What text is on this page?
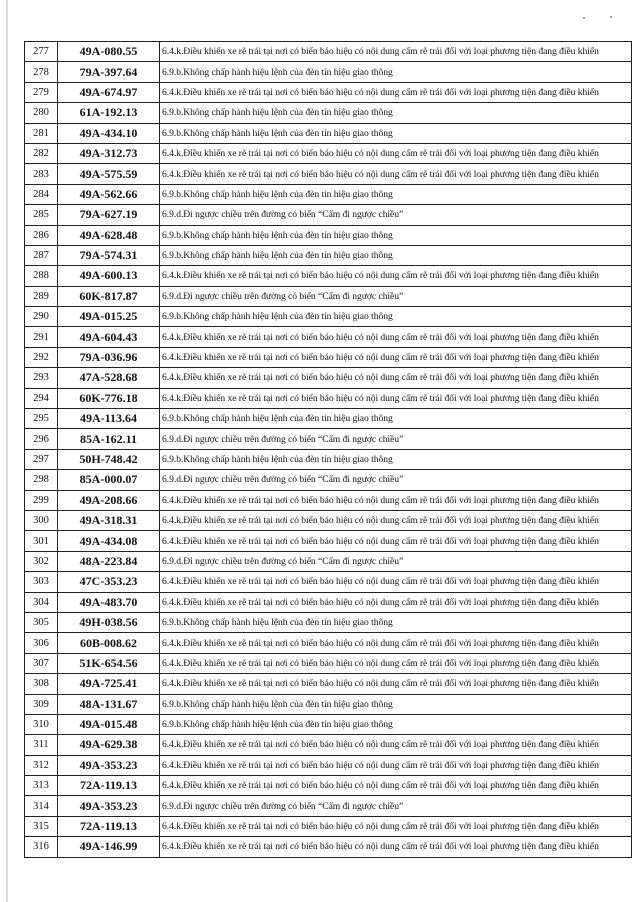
277	49A-080.55	6.4.k.Điều khiển xe rẽ trái tại nơi có biển báo hiệu có nội dung cấm rẽ trái đối với loại phương tiện đang điều khiển
278	79A-397.64	6.9.b.Không chấp hành hiệu lệnh của đèn tín hiệu giao thông
279	49A-674.97	6.4.k.Điều khiển xe rẽ trái tại nơi có biển báo hiệu có nội dung cấm rẽ trái đối với loại phương tiện đang điều khiển
280	61A-192.13	6.9.b.Không chấp hành hiệu lệnh của đèn tín hiệu giao thông
281	49A-434.10	6.9.b.Không chấp hành hiệu lệnh của đèn tín hiệu giao thông
282	49A-312.73	6.4.k.Điều khiển xe rẽ trái tại nơi có biển báo hiệu có nội dung cấm rẽ trái đối với loại phương tiện đang điều khiển
283	49A-575.59	6.4.k.Điều khiển xe rẽ trái tại nơi có biển báo hiệu có nội dung cấm rẽ trái đối với loại phương tiện đang điều khiển
284	49A-562.66	6.9.b.Không chấp hành hiệu lệnh của đèn tín hiệu giao thông
285	79A-627.19	6.9.d.Đi ngược chiều trên đường có biển “Cấm đi ngược chiều”
286	49A-628.48	6.9.b.Không chấp hành hiệu lệnh của đèn tín hiệu giao thông
287	79A-574.31	6.9.b.Không chấp hành hiệu lệnh của đèn tín hiệu giao thông
288	49A-600.13	6.4.k.Điều khiển xe rẽ trái tại nơi có biển báo hiệu có nội dung cấm rẽ trái đối với loại phương tiện đang điều khiển
289	60K-817.87	6.9.d.Đi ngược chiều trên đường có biển “Cấm đi ngược chiều”
290	49A-015.25	6.9.b.Không chấp hành hiệu lệnh của đèn tín hiệu giao thông
291	49A-604.43	6.4.k.Điều khiển xe rẽ trái tại nơi có biển báo hiệu có nội dung cấm rẽ trái đối với loại phương tiện đang điều khiển
292	79A-036.96	6.4.k.Điều khiển xe rẽ trái tại nơi có biển báo hiệu có nội dung cấm rẽ trái đối với loại phương tiện đang điều khiển
293	47A-528.68	6.4.k.Điều khiển xe rẽ trái tại nơi có biển báo hiệu có nội dung cấm rẽ trái đối với loại phương tiện đang điều khiển
294	60K-776.18	6.4.k.Điều khiển xe rẽ trái tại nơi có biển báo hiệu có nội dung cấm rẽ trái đối với loại phương tiện đang điều khiển
295	49A-113.64	6.9.b.Không chấp hành hiệu lệnh của đèn tín hiệu giao thông
296	85A-162.11	6.9.d.Đi ngược chiều trên đường có biển “Cấm đi ngược chiều”
297	50H-748.42	6.9.b.Không chấp hành hiệu lệnh của đèn tín hiệu giao thông
298	85A-000.07	6.9.d.Đi ngược chiều trên đường có biển “Cấm đi ngược chiều”
299	49A-208.66	6.4.k.Điều khiển xe rẽ trái tại nơi có biển báo hiệu có nội dung cấm rẽ trái đối với loại phương tiện đang điều khiển
300	49A-318.31	6.4.k.Điều khiển xe rẽ trái tại nơi có biển báo hiệu có nội dung cấm rẽ trái đối với loại phương tiện đang điều khiển
301	49A-434.08	6.4.k.Điều khiển xe rẽ trái tại nơi có biển báo hiệu có nội dung cấm rẽ trái đối với loại phương tiện đang điều khiển
302	48A-223.84	6.9.d.Đi ngược chiều trên đường có biển “Cấm đi ngược chiều”
303	47C-353.23	6.4.k.Điều khiển xe rẽ trái tại nơi có biển báo hiệu có nội dung cấm rẽ trái đối với loại phương tiện đang điều khiển
304	49A-483.70	6.4.k.Điều khiển xe rẽ trái tại nơi có biển báo hiệu có nội dung cấm rẽ trái đối với loại phương tiện đang điều khiển
305	49H-038.56	6.9.b.Không chấp hành hiệu lệnh của đèn tín hiệu giao thông
306	60B-008.62	6.4.k.Điều khiển xe rẽ trái tại nơi có biển báo hiệu có nội dung cấm rẽ trái đối với loại phương tiện đang điều khiển
307	51K-654.56	6.4.k.Điều khiển xe rẽ trái tại nơi có biển báo hiệu có nội dung cấm rẽ trái đối với loại phương tiện đang điều khiển
308	49A-725.41	6.4.k.Điều khiển xe rẽ trái tại nơi có biển báo hiệu có nội dung cấm rẽ trái đối với loại phương tiện đang điều khiển
309	48A-131.67	6.9.b.Không chấp hành hiệu lệnh của đèn tín hiệu giao thông
310	49A-015.48	6.9.b.Không chấp hành hiệu lệnh của đèn tín hiệu giao thông
311	49A-629.38	6.4.k.Điều khiển xe rẽ trái tại nơi có biển báo hiệu có nội dung cấm rẽ trái đối với loại phương tiện đang điều khiển
312	49A-353.23	6.4.k.Điều khiển xe rẽ trái tại nơi có biển báo hiệu có nội dung cấm rẽ trái đối với loại phương tiện đang điều khiển
313	72A-119.13	6.4.k.Điều khiển xe rẽ trái tại nơi có biển báo hiệu có nội dung cấm rẽ trái đối với loại phương tiện đang điều khiển
314	49A-353.23	6.9.d.Đi ngược chiều trên đường có biển “Cấm đi ngược chiều”
315	72A-119.13	6.4.k.Điều khiển xe rẽ trái tại nơi có biển báo hiệu có nội dung cấm rẽ trái đối với loại phương tiện đang điều khiển
316	49A-146.99	6.4.k.Điều khiển xe rẽ trái tại nơi có biển báo hiệu có nội dung cấm rẽ trái đối với loại phương tiện đang điều khiển
